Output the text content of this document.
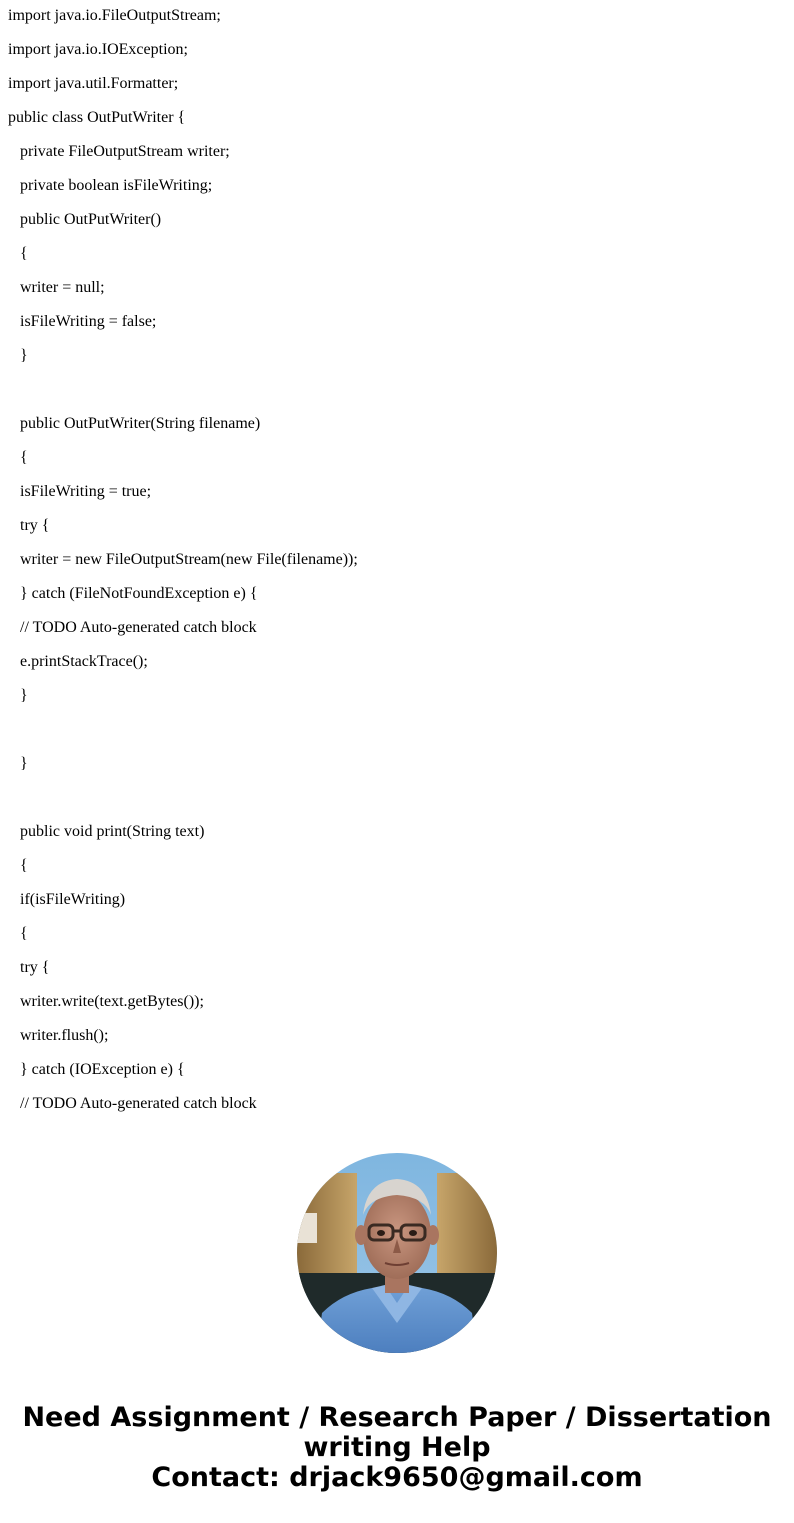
import java.io.FileOutputStream;
import java.io.IOException;
import java.util.Formatter;
public class OutPutWriter {
private FileOutputStream writer;
private boolean isFileWriting;
public OutPutWriter()
{
writer = null;
isFileWriting = false;
}
public OutPutWriter(String filename)
{
isFileWriting = true;
try {
writer = new FileOutputStream(new File(filename));
} catch (FileNotFoundException e) {
// TODO Auto-generated catch block
e.printStackTrace();
}
}
public void print(String text)
{
if(isFileWriting)
{
try {
writer.write(text.getBytes());
writer.flush();
} catch (IOException e) {
// TODO Auto-generated catch block
Need Assignment / Research Paper / Dissertation
writing Help
Contact: drjack9650@gmail.com
